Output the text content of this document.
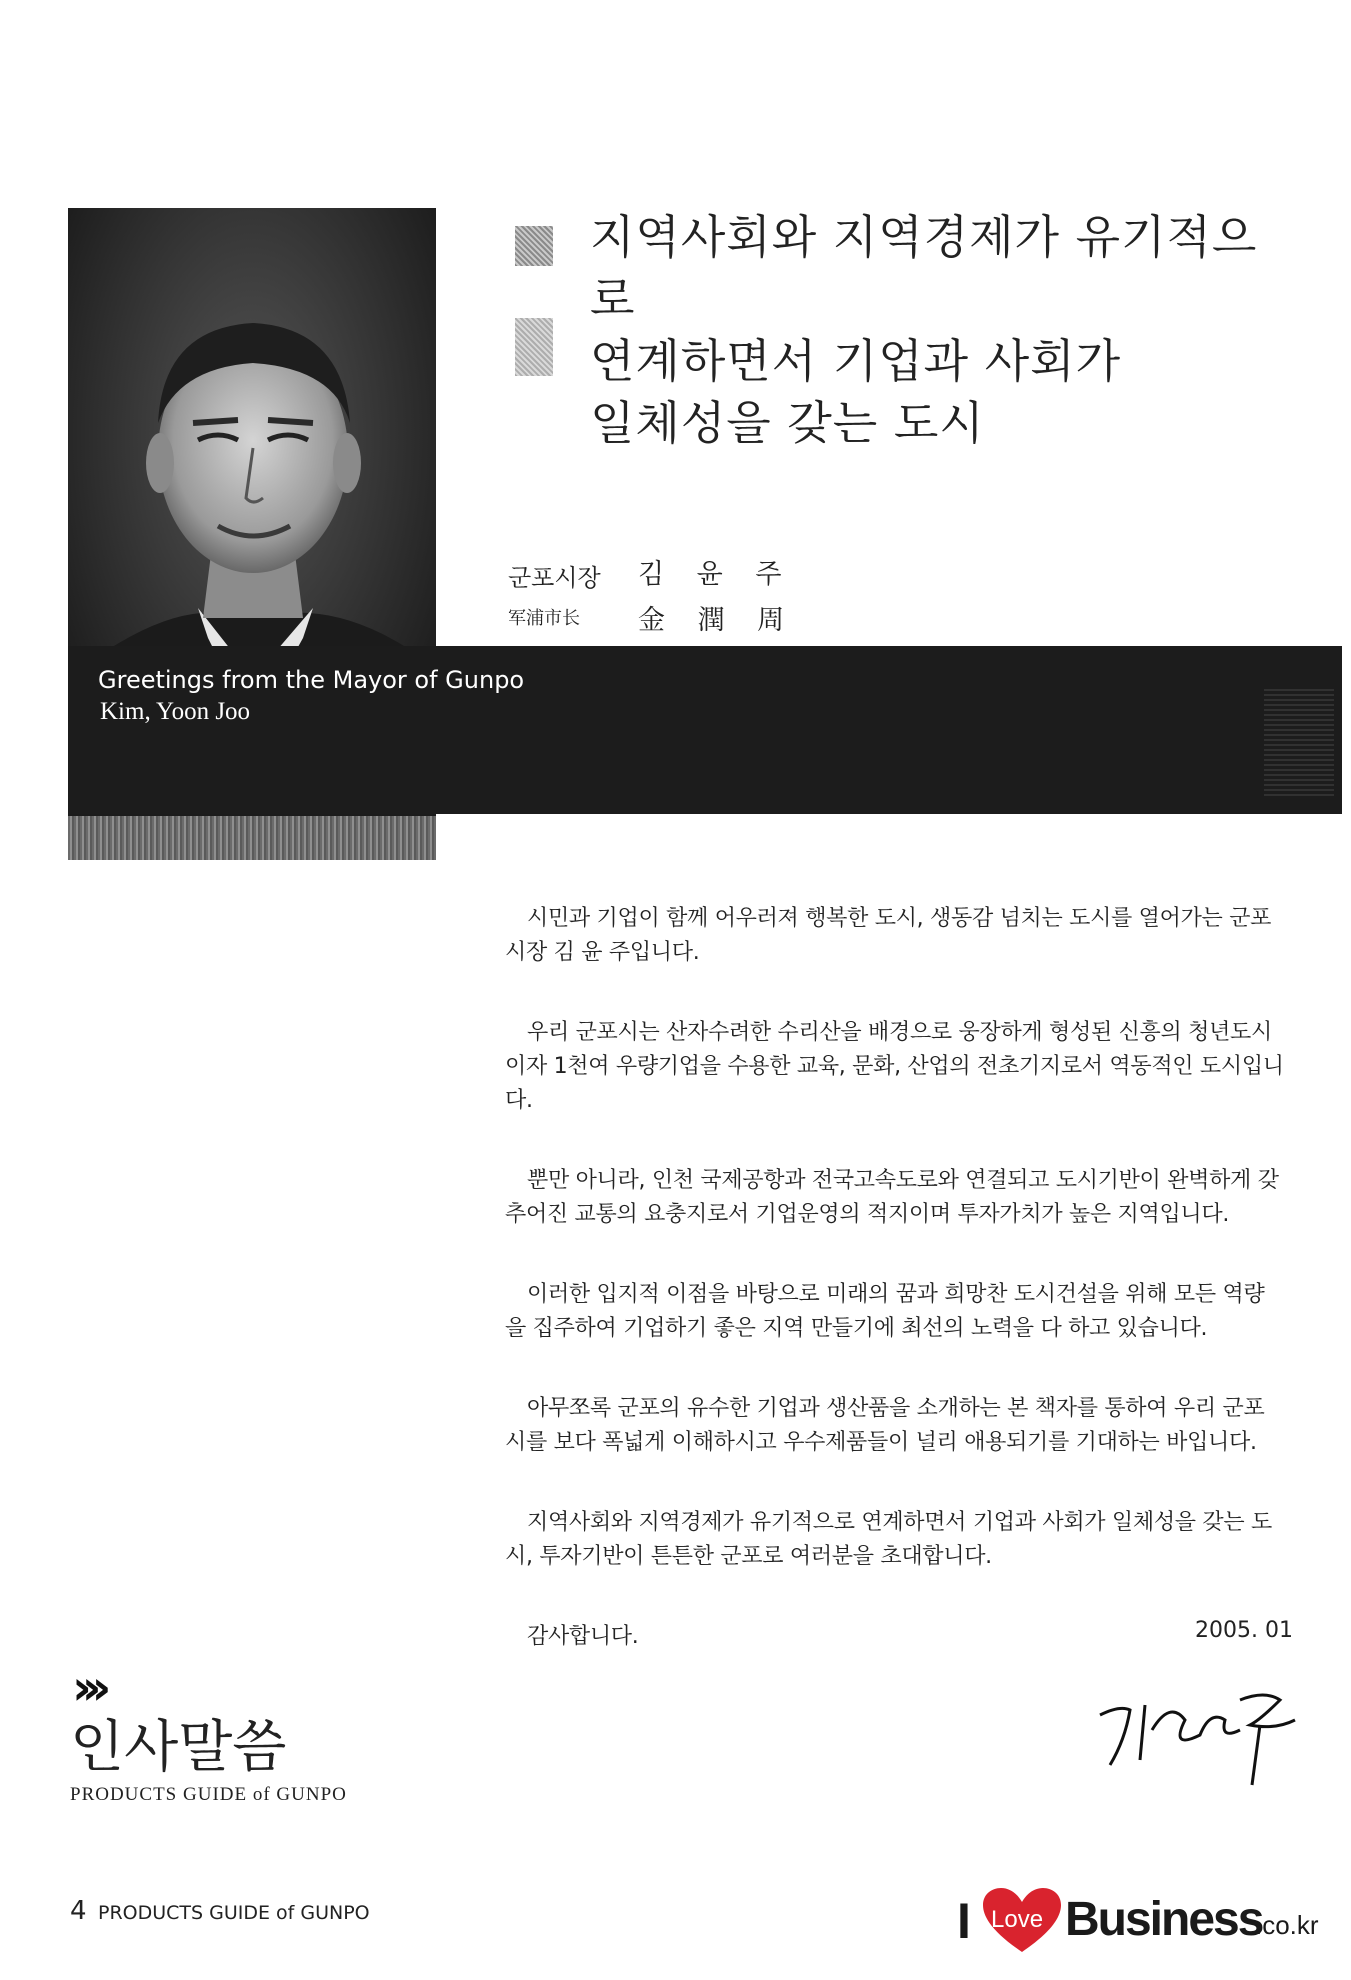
Greetings from the Mayor of Gunpo
Kim, Yoon Joo

지역사회와 지역경제가 유기적으로

연계하면서 기업과 사회가

일체성을 갖는 도시

군포시장 김 윤 주
军浦市长 金 潤 周

시민과 기업이 함께 어우러져 행복한 도시, 생동감 넘치는 도시를 열어가는 군포시장 김 윤 주입니다.

우리 군포시는 산자수려한 수리산을 배경으로 웅장하게 형성된 신흥의 청년도시이자 1천여 우량기업을 수용한 교육, 문화, 산업의 전초기지로서 역동적인 도시입니다.

뿐만 아니라, 인천 국제공항과 전국고속도로와 연결되고 도시기반이 완벽하게 갖추어진 교통의 요충지로서 기업운영의 적지이며 투자가치가 높은 지역입니다.

이러한 입지적 이점을 바탕으로 미래의 꿈과 희망찬 도시건설을 위해 모든 역량을 집주하여 기업하기 좋은 지역 만들기에 최선의 노력을 다 하고 있습니다.

아무쪼록 군포의 유수한 기업과 생산품을 소개하는 본 책자를 통하여 우리 군포시를 보다 폭넓게 이해하시고 우수제품들이 널리 애용되기를 기대하는 바입니다.

지역사회와 지역경제가 유기적으로 연계하면서 기업과 사회가 일체성을 갖는 도시, 투자기반이 튼튼한 군포로 여러분을 초대합니다.

감사합니다.	2005. 01
›››
인사말씀
PRODUCTS GUIDE of GUNPO
4 PRODUCTS GUIDE of GUNPO	I Love Business
.co.kr
